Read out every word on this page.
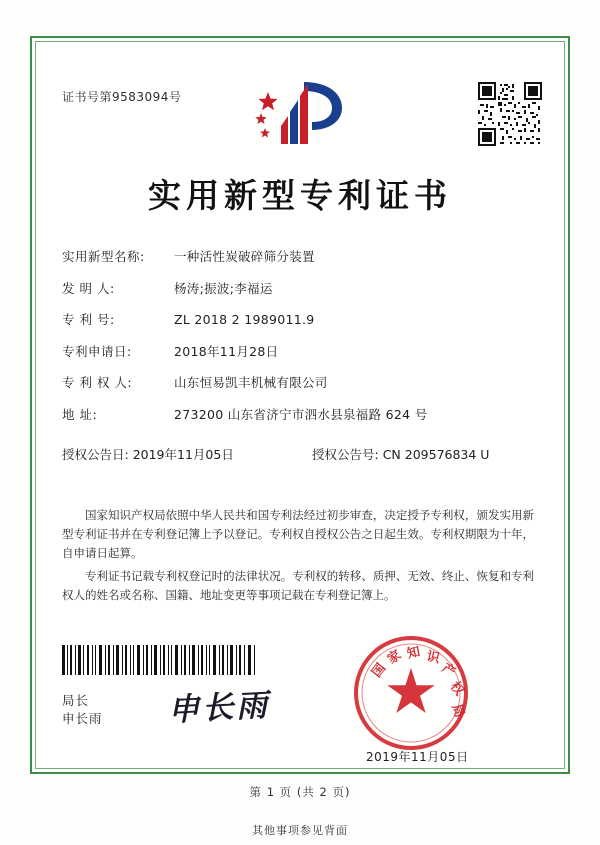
证书号第9583094号
实用新型专利证书
实用新型名称:	一种活性炭破碎筛分装置
发 明 人:	杨涛;振波;李福运
专 利 号:	ZL 2018 2 1989011.9
专利申请日:	2018年11月28日
专 利 权 人:	山东恒易凯丰机械有限公司
地 址:	273200 山东省济宁市泗水县泉福路 624 号
授权公告日: 2019年11月05日	授权公告号: CN 209576834 U

国家知识产权局依照中华人民共和国专利法经过初步审查，决定授予专利权，颁发实用新型专利证书并在专利登记簿上予以登记。专利权自授权公告之日起生效。专利权期限为十年，自申请日起算。

专利证书记载专利权登记时的法律状况。专利权的转移、质押、无效、终止、恢复和专利权人的姓名或名称、国籍、地址变更等事项记载在专利登记簿上。

局长
申长雨 申长雨
国
家 知 识
产
权
局
2019年11月05日
第 1 页 (共 2 页)
其他事项参见背面
